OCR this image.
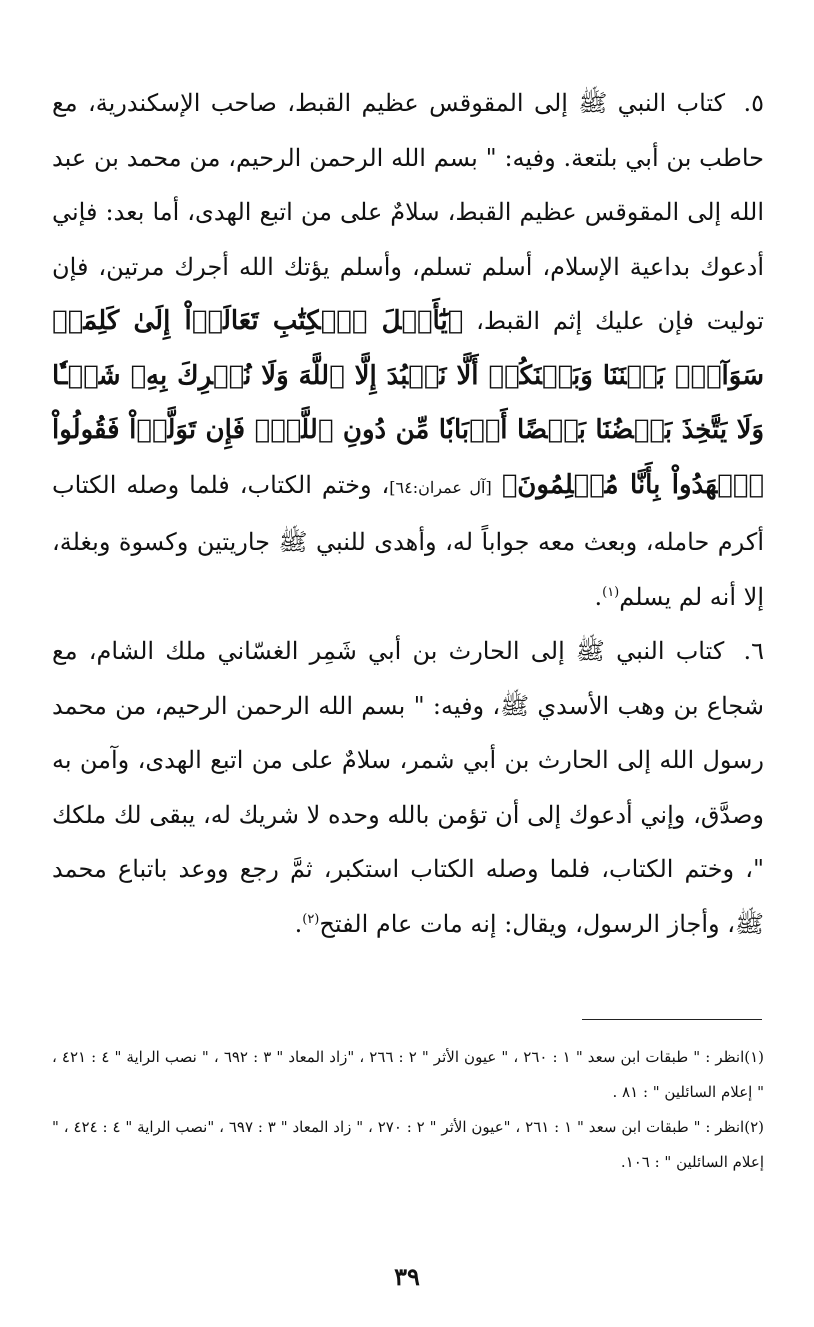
٥. كتاب النبي ﷺ إلى المقوقس عظيم القبط، صاحب الإسكندرية، مع حاطب بن أبي بلتعة. وفيه: " بسم الله الرحمن الرحيم، من محمد بن عبد الله إلى المقوقس عظيم القبط، سلامٌ على من اتبع الهدى، أما بعد: فإني أدعوك بداعية الإسلام، أسلم تسلم، وأسلم يؤتك الله أجرك مرتين، فإن توليت فإن عليك إثم القبط، ﴿يَٰٓأَهۡلَ ٱلۡكِتَٰبِ تَعَالَوۡاْ إِلَىٰ كَلِمَةٖ سَوَآءِۭ بَيۡنَنَا وَبَيۡنَكُمۡ أَلَّا نَعۡبُدَ إِلَّا ٱللَّهَ وَلَا نُشۡرِكَ بِهِۦ شَيۡـٔٗا وَلَا يَتَّخِذَ بَعۡضُنَا بَعۡضًا أَرۡبَابٗا مِّن دُونِ ٱللَّهِۚ فَإِن تَوَلَّوۡاْ فَقُولُواْ ٱشۡهَدُواْ بِأَنَّا مُسۡلِمُونَ﴾ [آل عمران:٦٤]، وختم الكتاب، فلما وصله الكتاب أكرم حامله، وبعث معه جواباً له، وأهدى للنبي ﷺ جاريتين وكسوة وبغلة، إلا أنه لم يسلم$^{(١)}$.

٦. كتاب النبي ﷺ إلى الحارث بن أبي شَمِر الغسّاني ملك الشام، مع شجاع بن وهب الأسدي ﷺ، وفيه: " بسم الله الرحمن الرحيم، من محمد رسول الله إلى الحارث بن أبي شمر، سلامٌ على من اتبع الهدى، وآمن به وصدَّق، وإني أدعوك إلى أن تؤمن بالله وحده لا شريك له، يبقى لك ملكك "، وختم الكتاب، فلما وصله الكتاب استكبر، ثمَّ رجع ووعد باتباع محمد ﷺ، وأجاز الرسول، ويقال: إنه مات عام الفتح$^{(٢)}$.

(١)انظر : " طبقات ابن سعد " ١ : ٢٦٠ ، " عيون الأثر " ٢ : ٢٦٦ ، "زاد المعاد " ٣ : ٦٩٢ ، " نصب الراية " ٤ : ٤٢١ ، " إعلام السائلين " : ٨١ .

(٢)انظر : " طبقات ابن سعد " ١ : ٢٦١ ، "عيون الأثر " ٢ : ٢٧٠ ، " زاد المعاد " ٣ : ٦٩٧ ، "نصب الراية " ٤ : ٤٢٤ ، " إعلام السائلين " : ١٠٦.

٣٩
